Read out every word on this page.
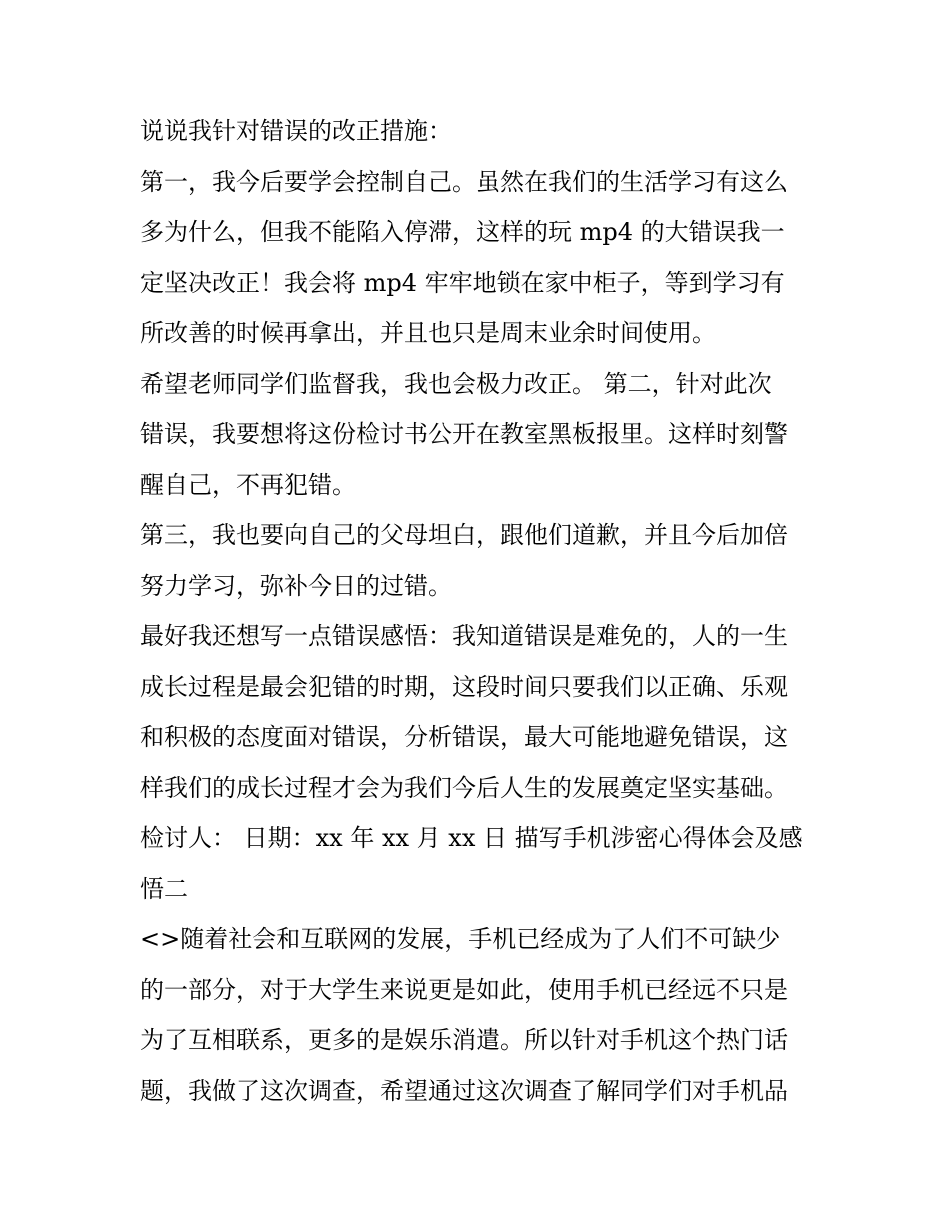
说说我针对错误的改正措施：
第一，我今后要学会控制自己。虽然在我们的生活学习有这么
多为什么，但我不能陷入停滞，这样的玩 mp4 的大错误我一
定坚决改正！我会将 mp4 牢牢地锁在家中柜子，等到学习有
所改善的时候再拿出，并且也只是周末业余时间使用。
希望老师同学们监督我，我也会极力改正。 第二，针对此次
错误，我要想将这份检讨书公开在教室黑板报里。这样时刻警
醒自己，不再犯错。
第三，我也要向自己的父母坦白，跟他们道歉，并且今后加倍
努力学习，弥补今日的过错。
最好我还想写一点错误感悟：我知道错误是难免的，人的一生
成长过程是最会犯错的时期，这段时间只要我们以正确、乐观
和积极的态度面对错误，分析错误，最大可能地避免错误，这
样我们的成长过程才会为我们今后人生的发展奠定坚实基础。
检讨人： 日期：xx 年 xx 月 xx 日 描写手机涉密心得体会及感
悟二
<>随着社会和互联网的发展，手机已经成为了人们不可缺少
的一部分，对于大学生来说更是如此，使用手机已经远不只是
为了互相联系，更多的是娱乐消遣。所以针对手机这个热门话
题，我做了这次调查，希望通过这次调查了解同学们对手机品
